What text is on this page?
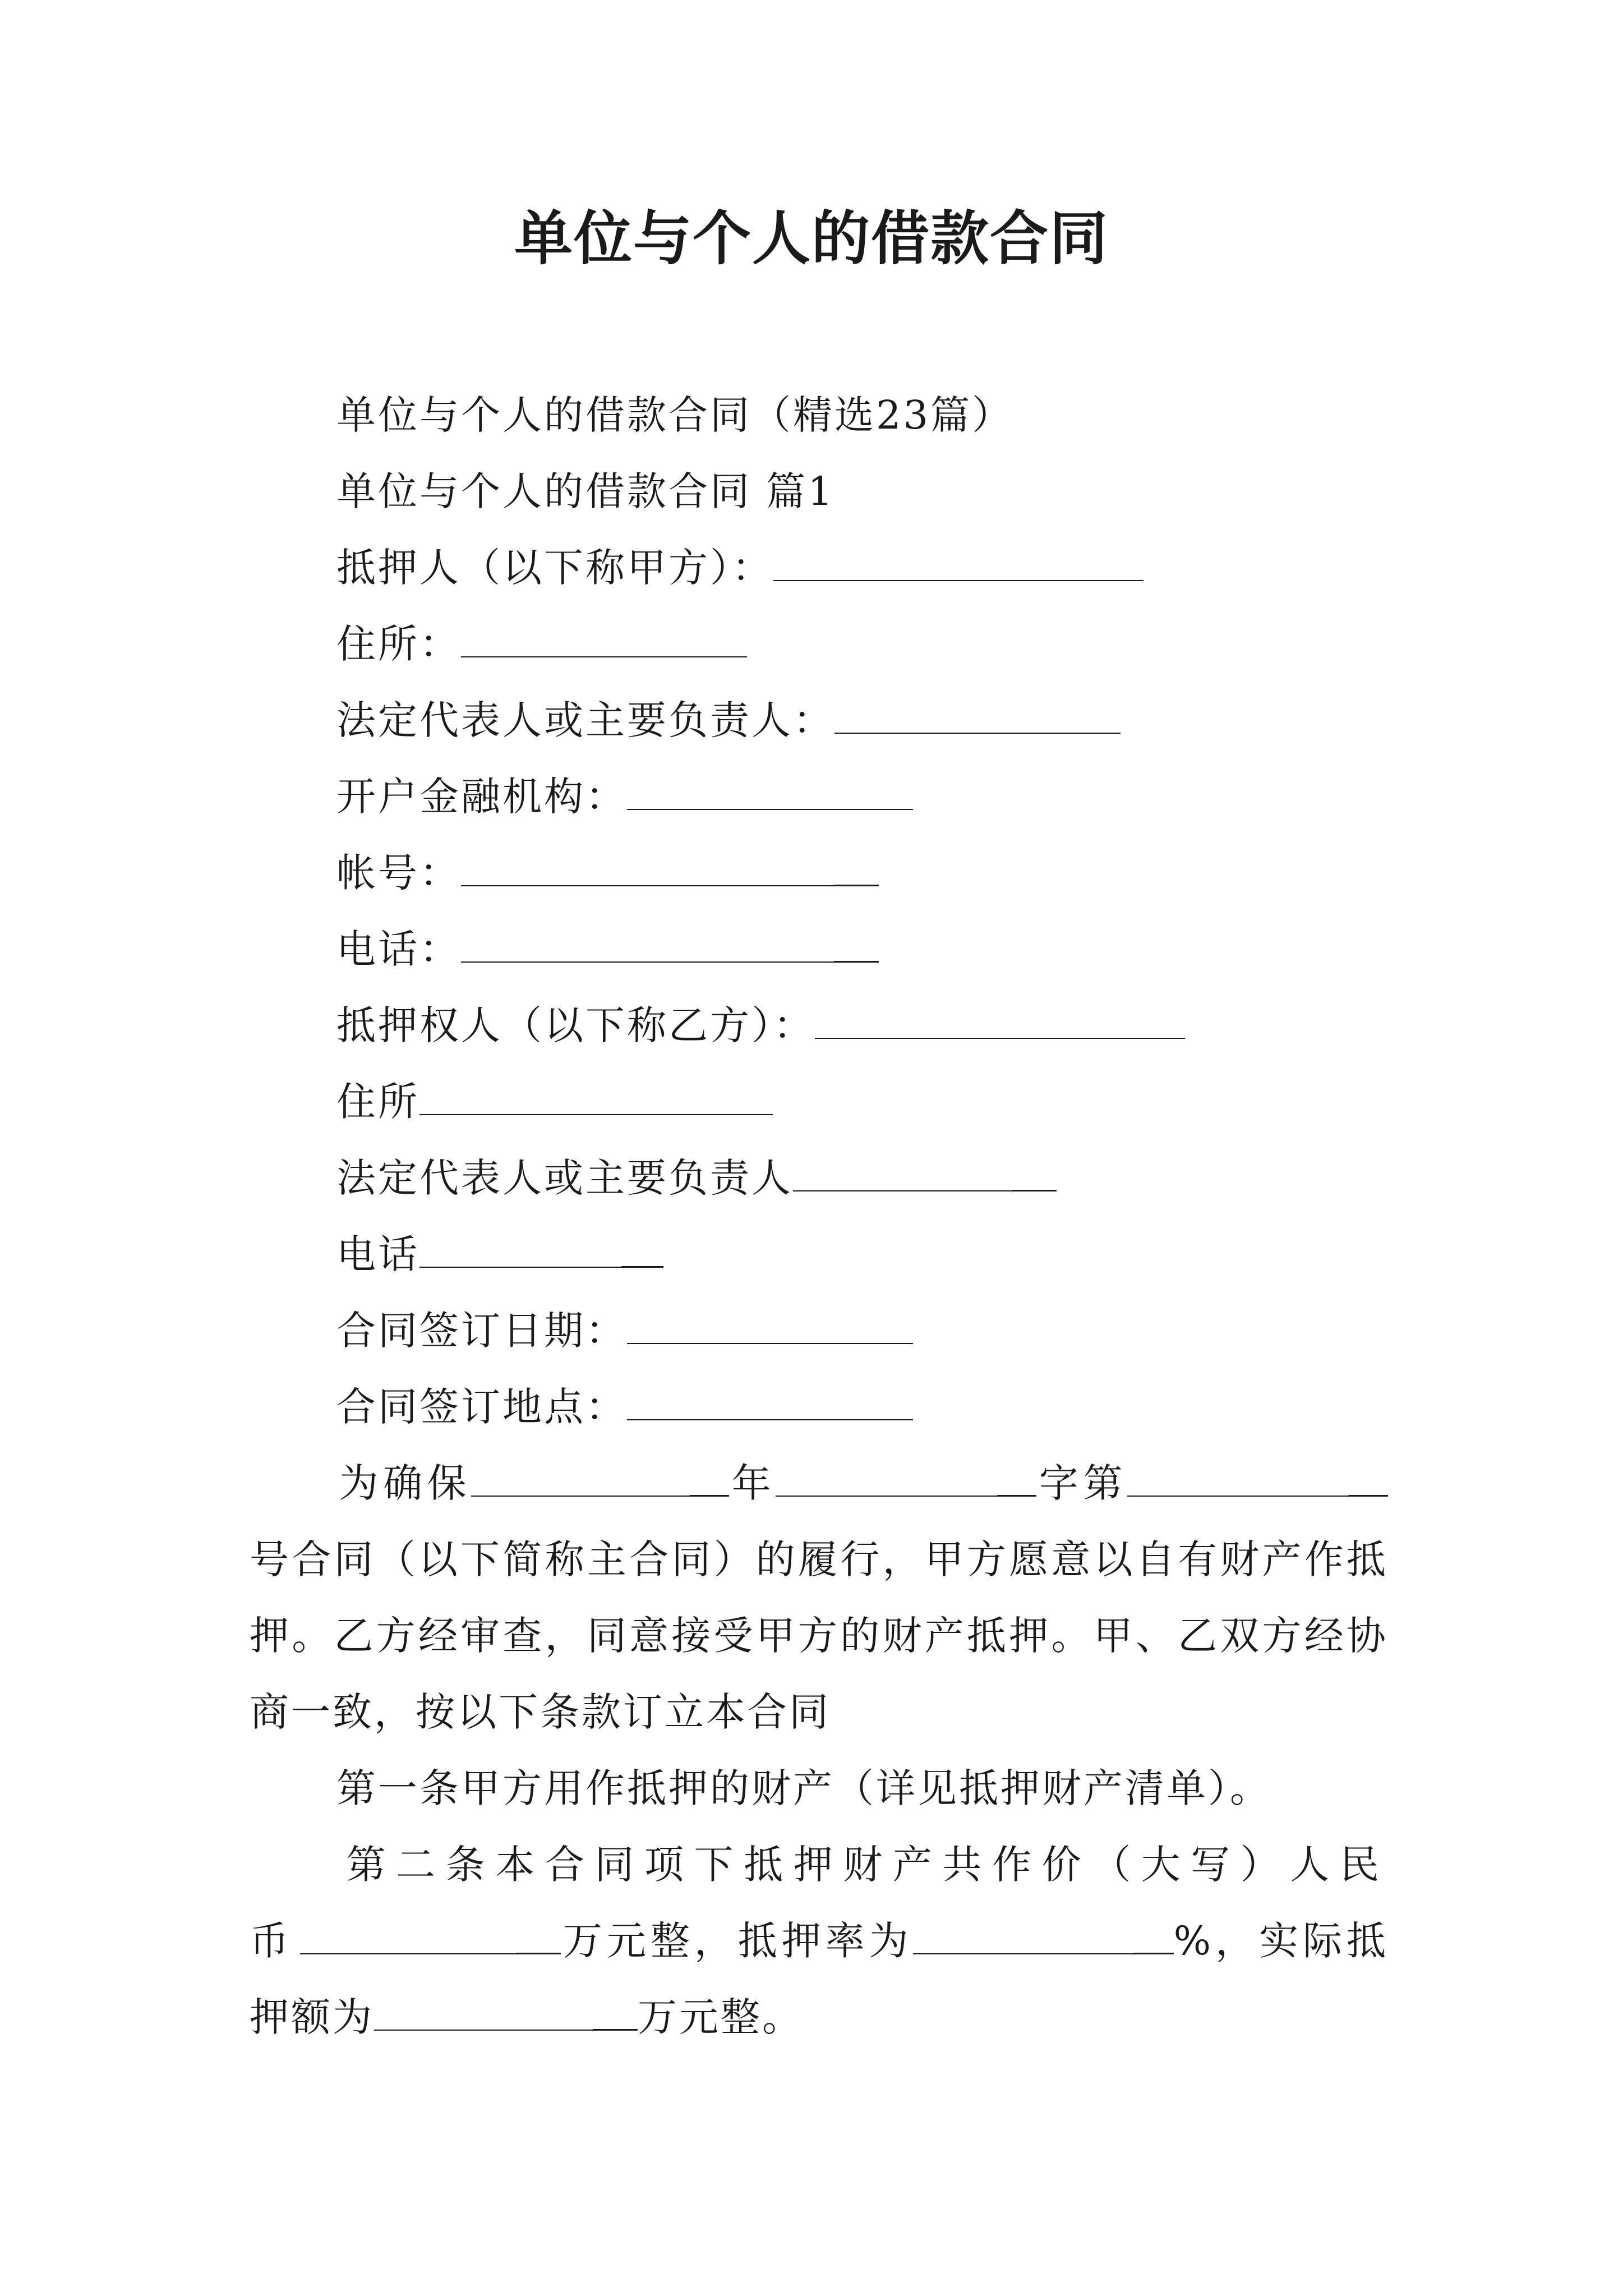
单位与个人的借款合同
单位与个人的借款合同（精选23篇）
单位与个人的借款合同 篇1
抵押人（以下称甲方）：
住所：
法定代表人或主要负责人：
开户金融机构：
帐号：
电话：
抵押权人（以下称乙方）：
住所
法定代表人或主要负责人
电话
合同签订日期：
合同签订地点：
为确保	年	字第号合同（以下简称主合同）的履行，甲方愿意以自有财产作抵押。乙方经审查，同意接受甲方的财产抵押。甲、乙双方经协商一致，按以下条款订立本合同
第一条甲方用作抵押的财产（详见抵押财产清单）。
第二条本合同项下抵押财产共作价（大写）人民币	万元整，抵押率为	%，实际抵押额为	万元整。
